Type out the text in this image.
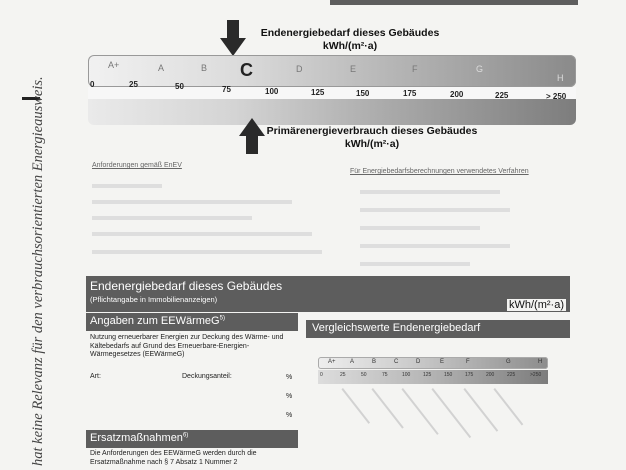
hat keine Relevanz für den verbrauchsorientierten Energieausweis.
Endenergiebedarf dieses Gebäudes
kWh/(m²·a)
A+	A	B C	D	E	F	G
H
0	25	50	75	100	125	150	175	200	225	> 250
Primärenergieverbrauch dieses Gebäudes
kWh/(m²·a)
Anforderungen gemäß EnEV
Für Energiebedarfsberechnungen verwendetes Verfahren
Endenergiebedarf dieses Gebäudes
(Pflichtangabe in Immobilienanzeigen)	kWh/(m²·a)
Angaben zum EEWärmeG$^{5)}$
Nutzung erneuerbarer Energien zur Deckung des Wärme- und Kältebedarfs auf Grund des Erneuerbare-Energien-Wärmegesetzes (EEWärmeG)
Art:	Deckungsanteil:	%
%
%
Vergleichswerte Endenergiebedarf
A+ A	B	C	D	E	F	G	H
0	25	50	75	100	125	150	175	200	225	>250
Ersatzmaßnahmen$^{6)}$
Die Anforderungen des EEWärmeG werden durch die Ersatzmaßnahme nach § 7 Absatz 1 Nummer 2
